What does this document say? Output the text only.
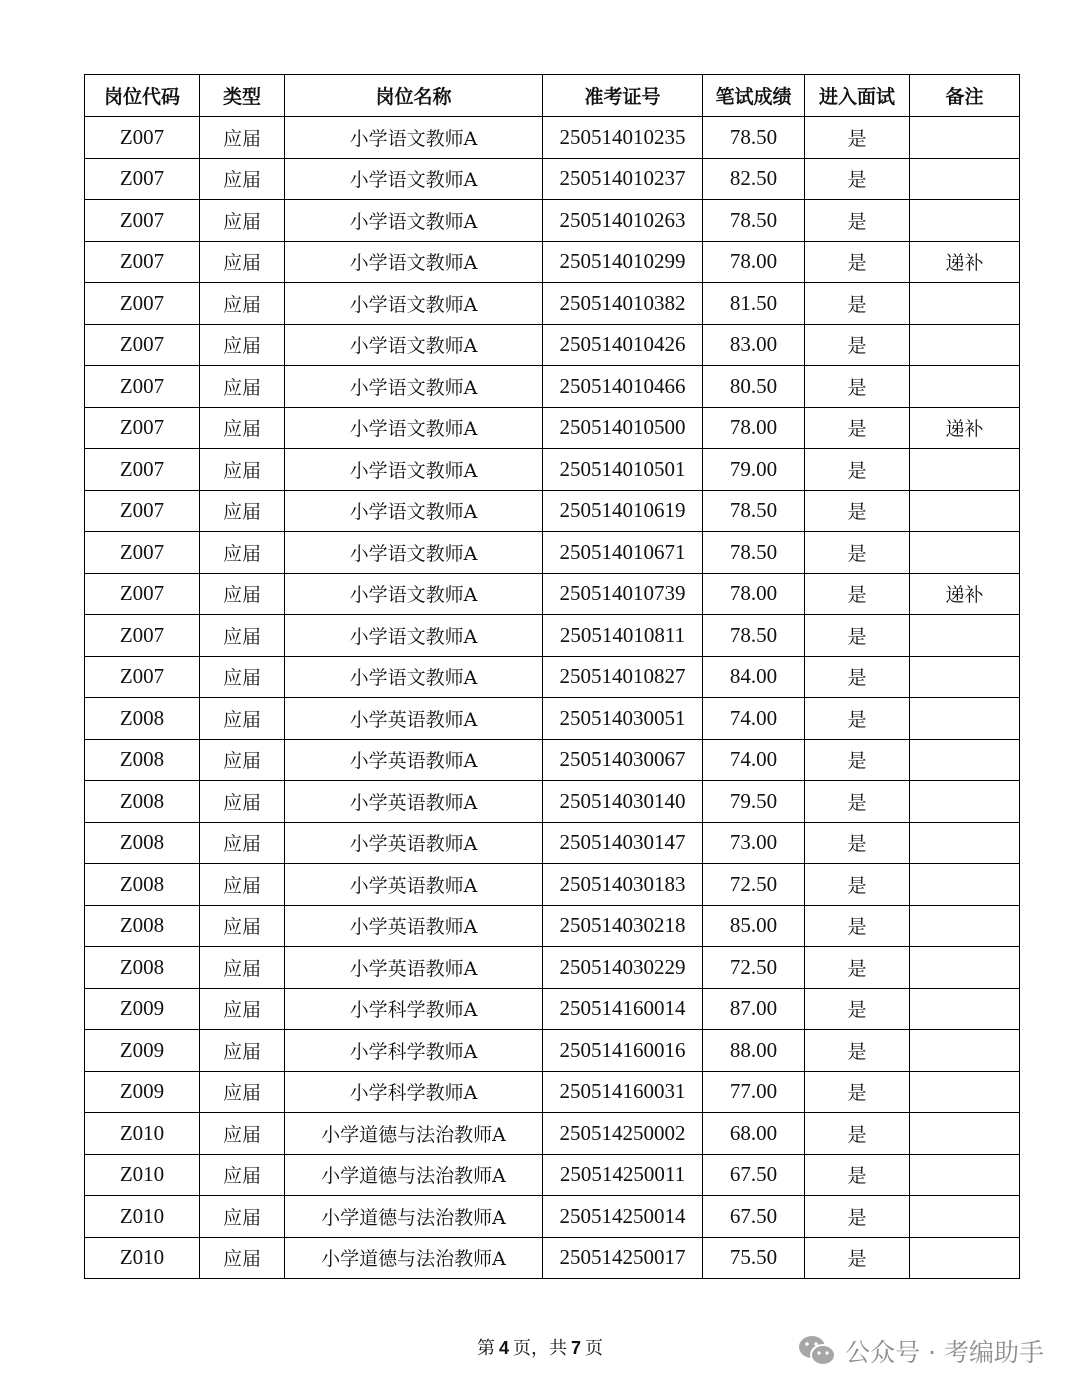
岗位代码	类型	岗位名称	准考证号	笔试成绩	进入面试	备注
Z007	应届	小学语文教师A	250514010235	78.50	是	
Z007	应届	小学语文教师A	250514010237	82.50	是	
Z007	应届	小学语文教师A	250514010263	78.50	是	
Z007	应届	小学语文教师A	250514010299	78.00	是	递补
Z007	应届	小学语文教师A	250514010382	81.50	是	
Z007	应届	小学语文教师A	250514010426	83.00	是	
Z007	应届	小学语文教师A	250514010466	80.50	是	
Z007	应届	小学语文教师A	250514010500	78.00	是	递补
Z007	应届	小学语文教师A	250514010501	79.00	是	
Z007	应届	小学语文教师A	250514010619	78.50	是	
Z007	应届	小学语文教师A	250514010671	78.50	是	
Z007	应届	小学语文教师A	250514010739	78.00	是	递补
Z007	应届	小学语文教师A	250514010811	78.50	是	
Z007	应届	小学语文教师A	250514010827	84.00	是	
Z008	应届	小学英语教师A	250514030051	74.00	是	
Z008	应届	小学英语教师A	250514030067	74.00	是	
Z008	应届	小学英语教师A	250514030140	79.50	是	
Z008	应届	小学英语教师A	250514030147	73.00	是	
Z008	应届	小学英语教师A	250514030183	72.50	是	
Z008	应届	小学英语教师A	250514030218	85.00	是	
Z008	应届	小学英语教师A	250514030229	72.50	是	
Z009	应届	小学科学教师A	250514160014	87.00	是	
Z009	应届	小学科学教师A	250514160016	88.00	是	
Z009	应届	小学科学教师A	250514160031	77.00	是	
Z010	应届	小学道德与法治教师A	250514250002	68.00	是	
Z010	应届	小学道德与法治教师A	250514250011	67.50	是	
Z010	应届	小学道德与法治教师A	250514250014	67.50	是	
Z010	应届	小学道德与法治教师A	250514250017	75.50	是	
第 4 页，共 7 页	公众号 · 考编助手
